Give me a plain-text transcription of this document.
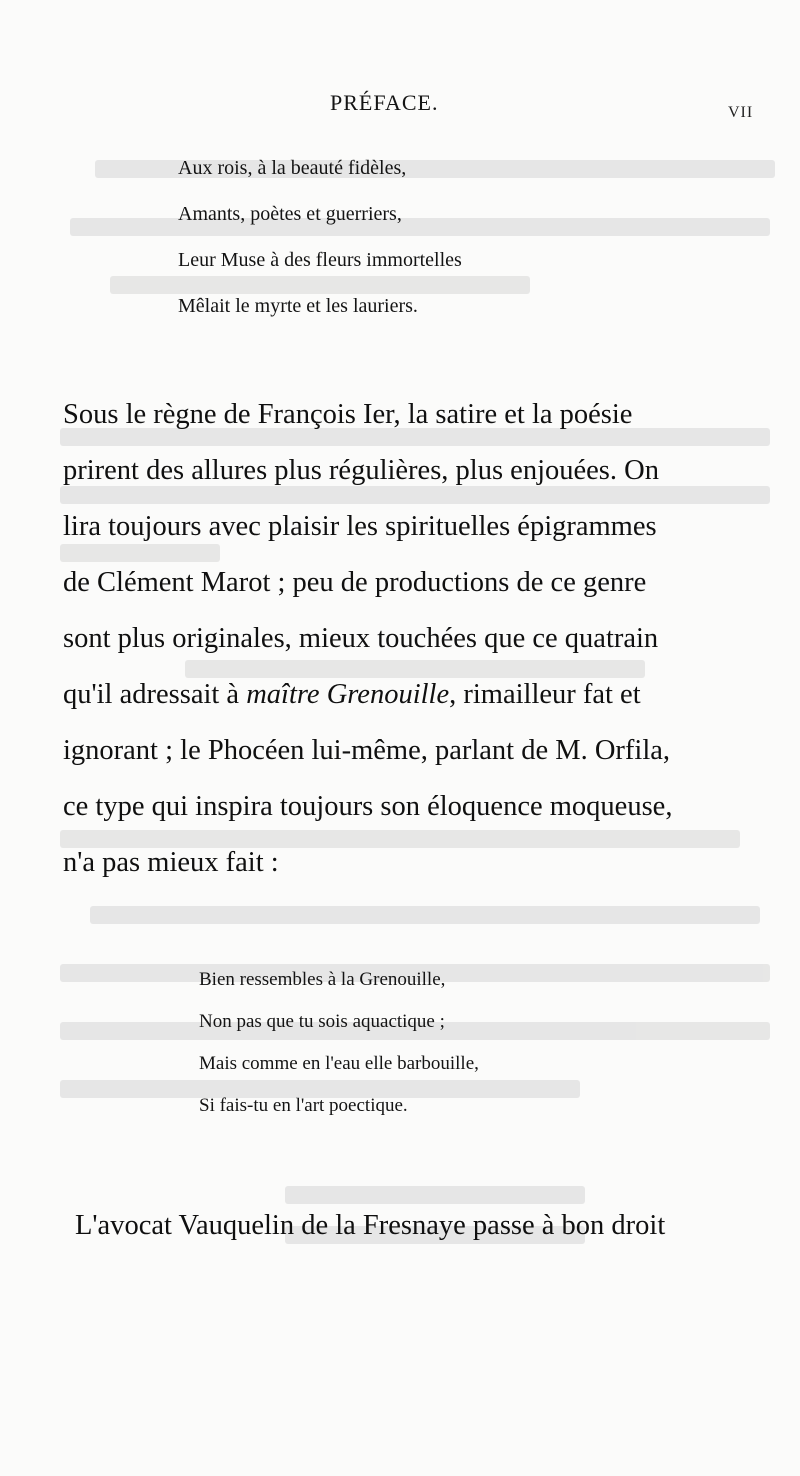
PRÉFACE.	VII
Aux rois, à la beauté fidèles,
Amants, poètes et guerriers,
Leur Muse à des fleurs immortelles
Mêlait le myrte et les lauriers.
Sous le règne de François Ier, la satire et la poésie
prirent des allures plus régulières, plus enjouées. On
lira toujours avec plaisir les spirituelles épigrammes
de Clément Marot ; peu de productions de ce genre
sont plus originales, mieux touchées que ce quatrain
qu'il adressait à maître Grenouille, rimailleur fat et
ignorant ; le Phocéen lui-même, parlant de M. Orfila,
ce type qui inspira toujours son éloquence moqueuse,
n'a pas mieux fait :
Bien ressembles à la Grenouille,
Non pas que tu sois aquactique ;
Mais comme en l'eau elle barbouille,
Si fais-tu en l'art poectique.
L'avocat Vauquelin de la Fresnaye passe à bon droit
